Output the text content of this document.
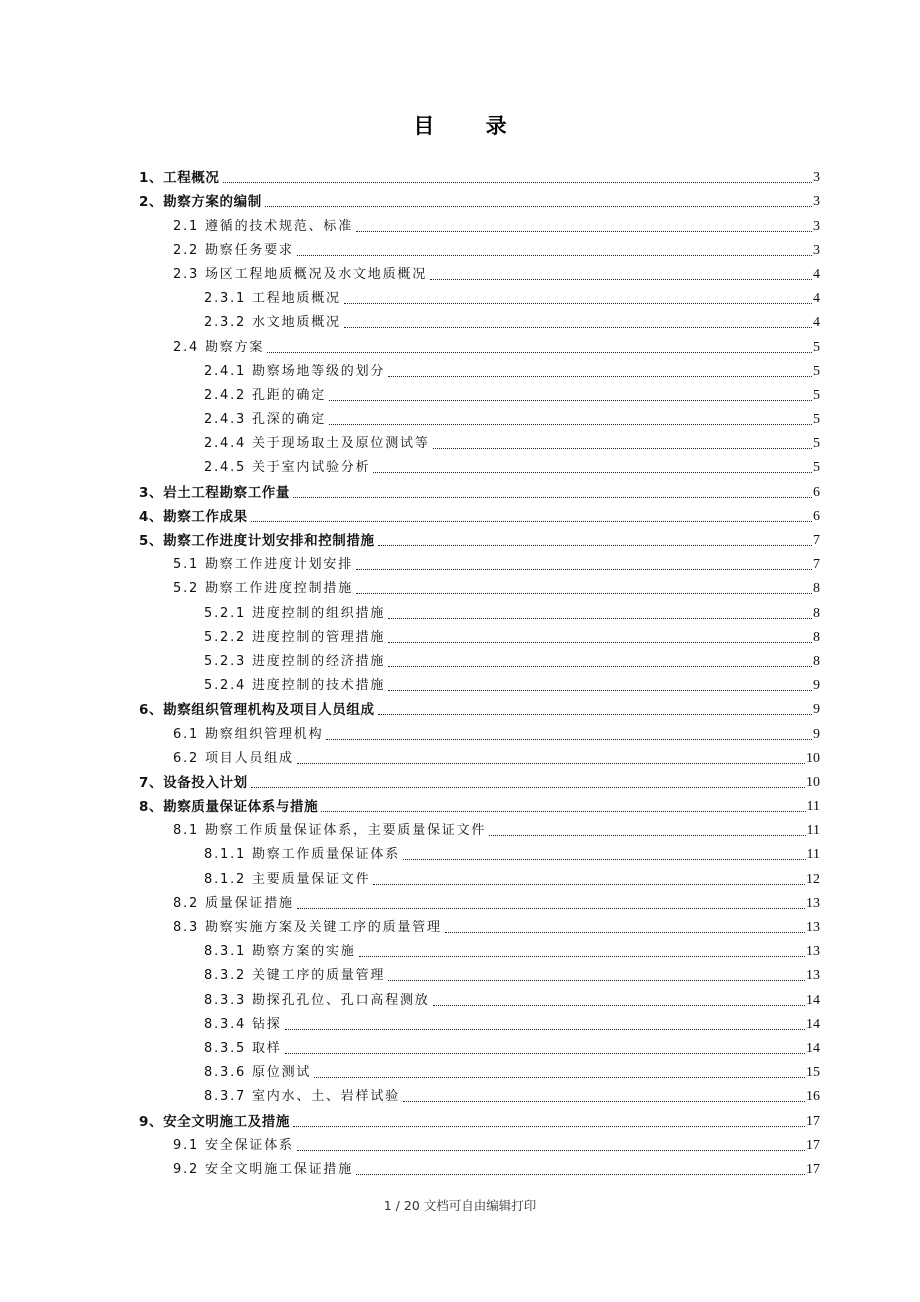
目 录
1、工程概况	3
2、勘察方案的编制	3
2.1 遵循的技术规范、标准	3
2.2 勘察任务要求	3
2.3 场区工程地质概况及水文地质概况	4
2.3.1 工程地质概况	4
2.3.2 水文地质概况	4
2.4 勘察方案	5
2.4.1 勘察场地等级的划分	5
2.4.2 孔距的确定	5
2.4.3 孔深的确定	5
2.4.4 关于现场取土及原位测试等	5
2.4.5 关于室内试验分析	5
3、岩土工程勘察工作量	6
4、勘察工作成果	6
5、勘察工作进度计划安排和控制措施	7
5.1 勘察工作进度计划安排	7
5.2 勘察工作进度控制措施	8
5.2.1 进度控制的组织措施	8
5.2.2 进度控制的管理措施	8
5.2.3 进度控制的经济措施	8
5.2.4 进度控制的技术措施	9
6、勘察组织管理机构及项目人员组成	9
6.1 勘察组织管理机构	9
6.2 项目人员组成	10
7、设备投入计划	10
8、勘察质量保证体系与措施	11
8.1 勘察工作质量保证体系，主要质量保证文件	11
8.1.1 勘察工作质量保证体系	11
8.1.2 主要质量保证文件	12
8.2 质量保证措施	13
8.3 勘察实施方案及关键工序的质量管理	13
8.3.1 勘察方案的实施	13
8.3.2 关键工序的质量管理	13
8.3.3 勘探孔孔位、孔口高程测放	14
8.3.4 钻探	14
8.3.5 取样	14
8.3.6 原位测试	15
8.3.7 室内水、土、岩样试验	16
9、安全文明施工及措施	17
9.1 安全保证体系	17
9.2 安全文明施工保证措施	17
1 / 20 文档可自由编辑打印
